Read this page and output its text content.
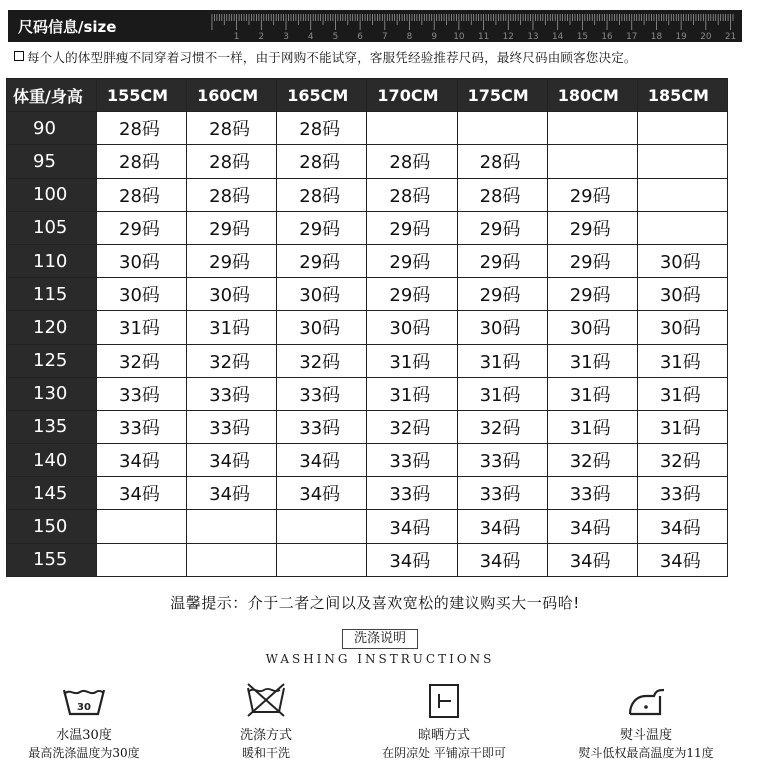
尺码信息/size
1 2 3 4 5 6 7 8 9 10 11 12 13 14 15 16 17 18 19 20 21
每个人的体型胖瘦不同穿着习惯不一样，由于网购不能试穿，客服凭经验推荐尺码，最终尺码由顾客您决定。
体重/身高	155CM	160CM	165CM	170CM	175CM	180CM	185CM
90	28码	28码	28码				
95	28码	28码	28码	28码	28码		
100	28码	28码	28码	28码	28码	29码	
105	29码	29码	29码	29码	29码	29码	
110	30码	29码	29码	29码	29码	29码	30码
115	30码	30码	30码	29码	29码	29码	30码
120	31码	31码	30码	30码	30码	30码	30码
125	32码	32码	32码	31码	31码	31码	31码
130	33码	33码	33码	31码	31码	31码	31码
135	33码	33码	33码	32码	32码	31码	31码
140	34码	34码	34码	33码	33码	32码	32码
145	34码	34码	34码	33码	33码	33码	33码
150				34码	34码	34码	34码
155				34码	34码	34码	34码
温馨提示：介于二者之间以及喜欢宽松的建议购买大一码哈!
洗涤说明
WASHING INSTRUCTIONS
30
水温30度
最高洗涤温度为30度
洗涤方式
暖和干洗
晾晒方式
在阴凉处 平铺凉干即可
熨斗温度
熨斗低权最高温度为11度
